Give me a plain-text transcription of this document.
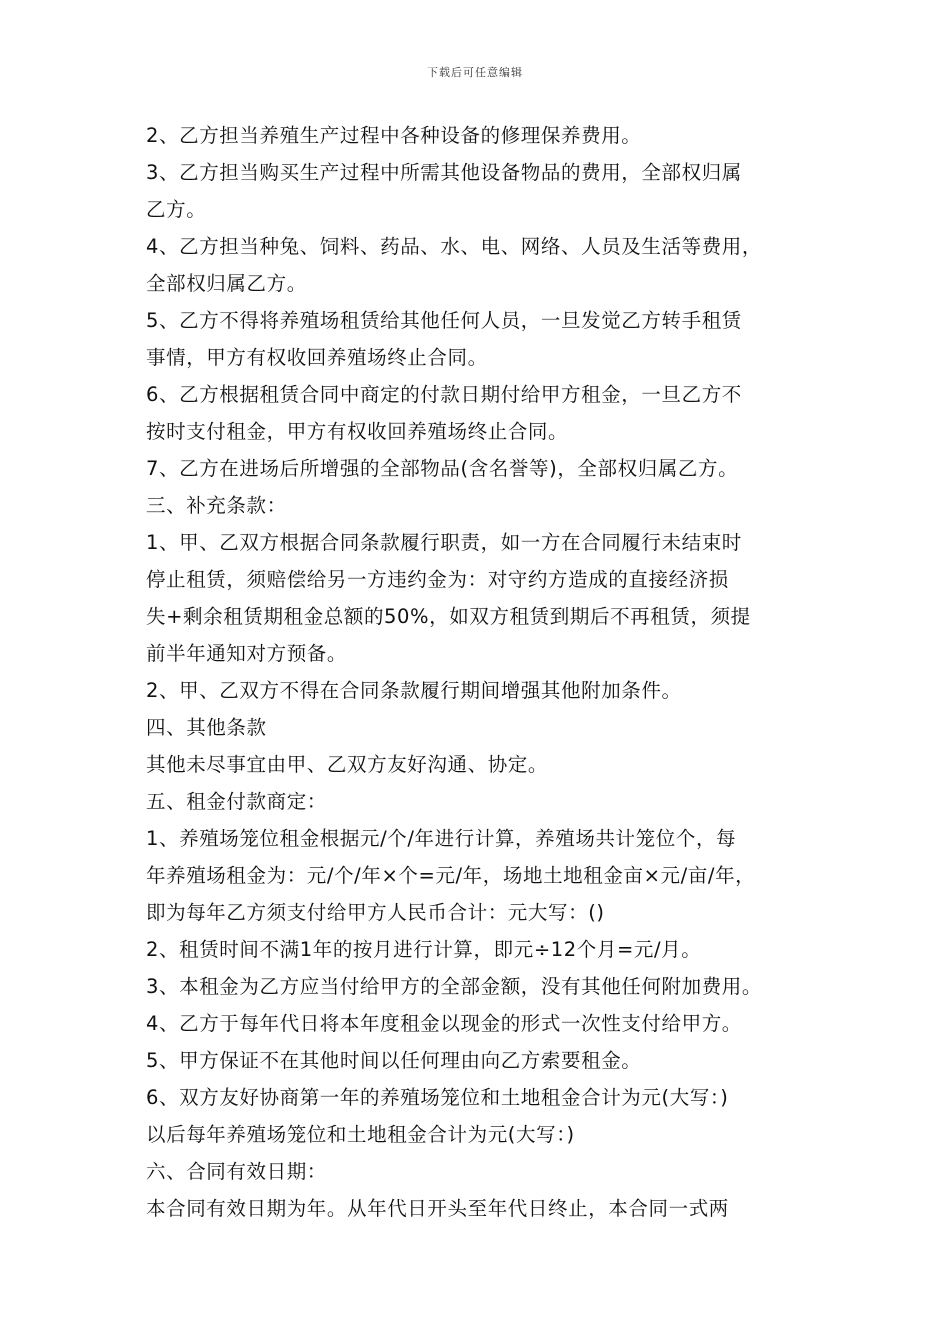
下载后可任意编辑
2、乙方担当养殖生产过程中各种设备的修理保养费用。
3、乙方担当购买生产过程中所需其他设备物品的费用，全部权归属
乙方。
4、乙方担当种兔、饲料、药品、水、电、网络、人员及生活等费用，
全部权归属乙方。
5、乙方不得将养殖场租赁给其他任何人员，一旦发觉乙方转手租赁
事情，甲方有权收回养殖场终止合同。
6、乙方根据租赁合同中商定的付款日期付给甲方租金，一旦乙方不
按时支付租金，甲方有权收回养殖场终止合同。
7、乙方在进场后所增强的全部物品(含名誉等)，全部权归属乙方。
三、补充条款：
1、甲、乙双方根据合同条款履行职责，如一方在合同履行未结束时
停止租赁，须赔偿给另一方违约金为：对守约方造成的直接经济损
失+剩余租赁期租金总额的50%，如双方租赁到期后不再租赁，须提
前半年通知对方预备。
2、甲、乙双方不得在合同条款履行期间增强其他附加条件。
四、其他条款
其他未尽事宜由甲、乙双方友好沟通、协定。
五、租金付款商定：
1、养殖场笼位租金根据元/个/年进行计算，养殖场共计笼位个，每
年养殖场租金为：元/个/年×个=元/年，场地土地租金亩×元/亩/年，
即为每年乙方须支付给甲方人民币合计：元大写：()
2、租赁时间不满1年的按月进行计算，即元÷12个月=元/月。
3、本租金为乙方应当付给甲方的全部金额，没有其他任何附加费用。
4、乙方于每年代日将本年度租金以现金的形式一次性支付给甲方。
5、甲方保证不在其他时间以任何理由向乙方索要租金。
6、双方友好协商第一年的养殖场笼位和土地租金合计为元(大写：)
以后每年养殖场笼位和土地租金合计为元(大写：)
六、合同有效日期：
本合同有效日期为年。从年代日开头至年代日终止，本合同一式两
